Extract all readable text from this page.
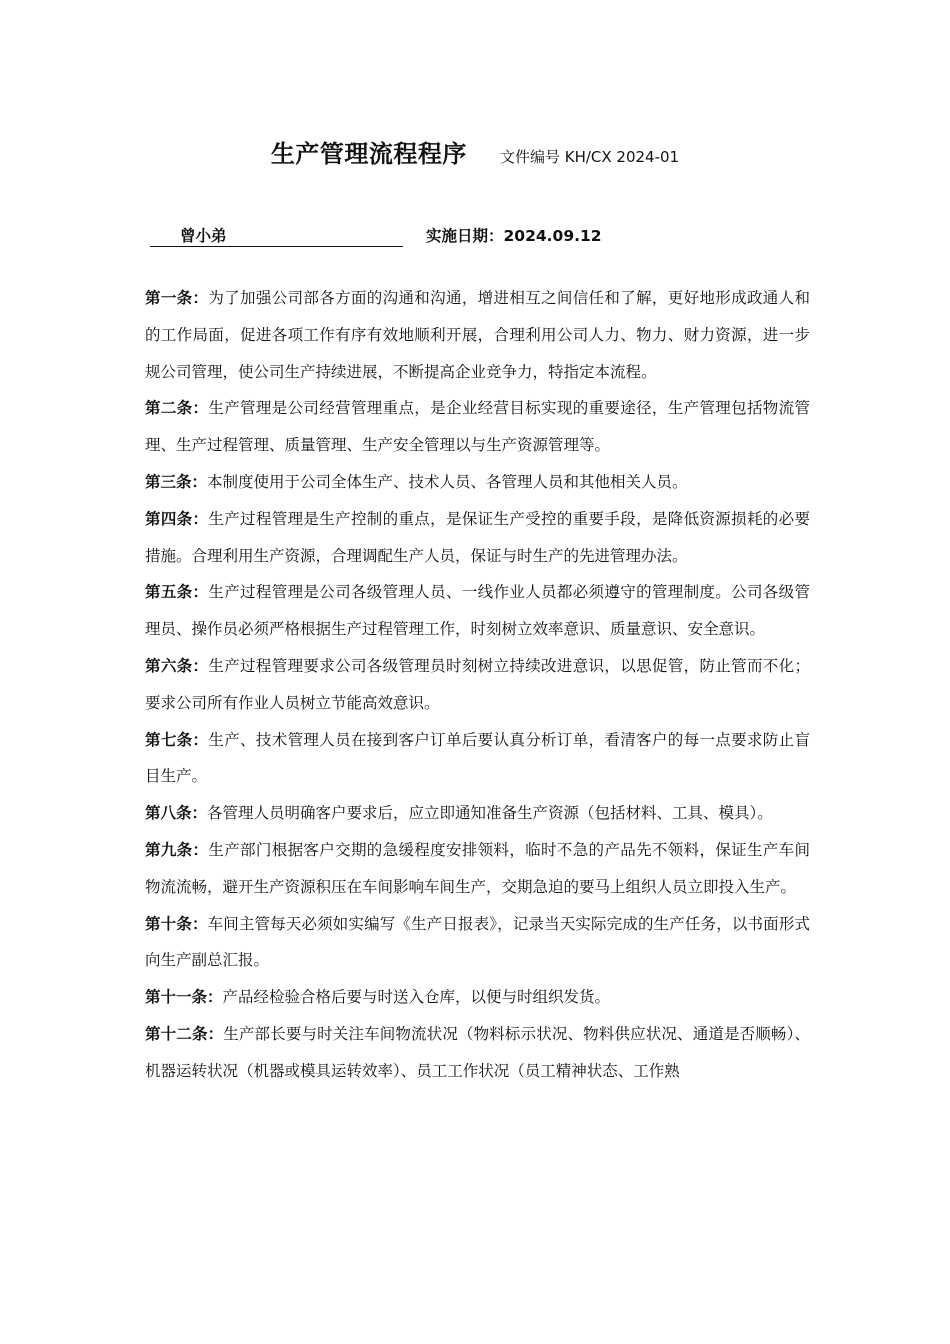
生产管理流程程序 文件编号 KH/CX 2024-01
曾小弟	实施日期：2024.09.12

第一条：为了加强公司部各方面的沟通和沟通，增进相互之间信任和了解，更好地形成政通人和的工作局面，促进各项工作有序有效地顺利开展，合理利用公司人力、物力、财力资源，进一步规公司管理，使公司生产持续进展，不断提高企业竞争力，特指定本流程。

第二条：生产管理是公司经营管理重点，是企业经营目标实现的重要途径，生产管理包括物流管理、生产过程管理、质量管理、生产安全管理以与生产资源管理等。

第三条：本制度使用于公司全体生产、技术人员、各管理人员和其他相关人员。

第四条：生产过程管理是生产控制的重点，是保证生产受控的重要手段，是降低资源损耗的必要措施。合理利用生产资源，合理调配生产人员，保证与时生产的先进管理办法。

第五条：生产过程管理是公司各级管理人员、一线作业人员都必须遵守的管理制度。公司各级管理员、操作员必须严格根据生产过程管理工作，时刻树立效率意识、质量意识、安全意识。

第六条：生产过程管理要求公司各级管理员时刻树立持续改进意识，以思促管，防止管而不化；要求公司所有作业人员树立节能高效意识。

第七条：生产、技术管理人员在接到客户订单后要认真分析订单，看清客户的每一点要求防止盲目生产。

第八条：各管理人员明确客户要求后，应立即通知准备生产资源（包括材料、工具、模具）。

第九条：生产部门根据客户交期的急缓程度安排领料，临时不急的产品先不领料，保证生产车间物流流畅，避开生产资源积压在车间影响车间生产，交期急迫的要马上组织人员立即投入生产。

第十条：车间主管每天必须如实编写《生产日报表》，记录当天实际完成的生产任务，以书面形式向生产副总汇报。

第十一条：产品经检验合格后要与时送入仓库，以便与时组织发货。

第十二条：生产部长要与时关注车间物流状况（物料标示状况、物料供应状况、通道是否顺畅）、机器运转状况（机器或模具运转效率）、员工工作状况（员工精神状态、工作熟
